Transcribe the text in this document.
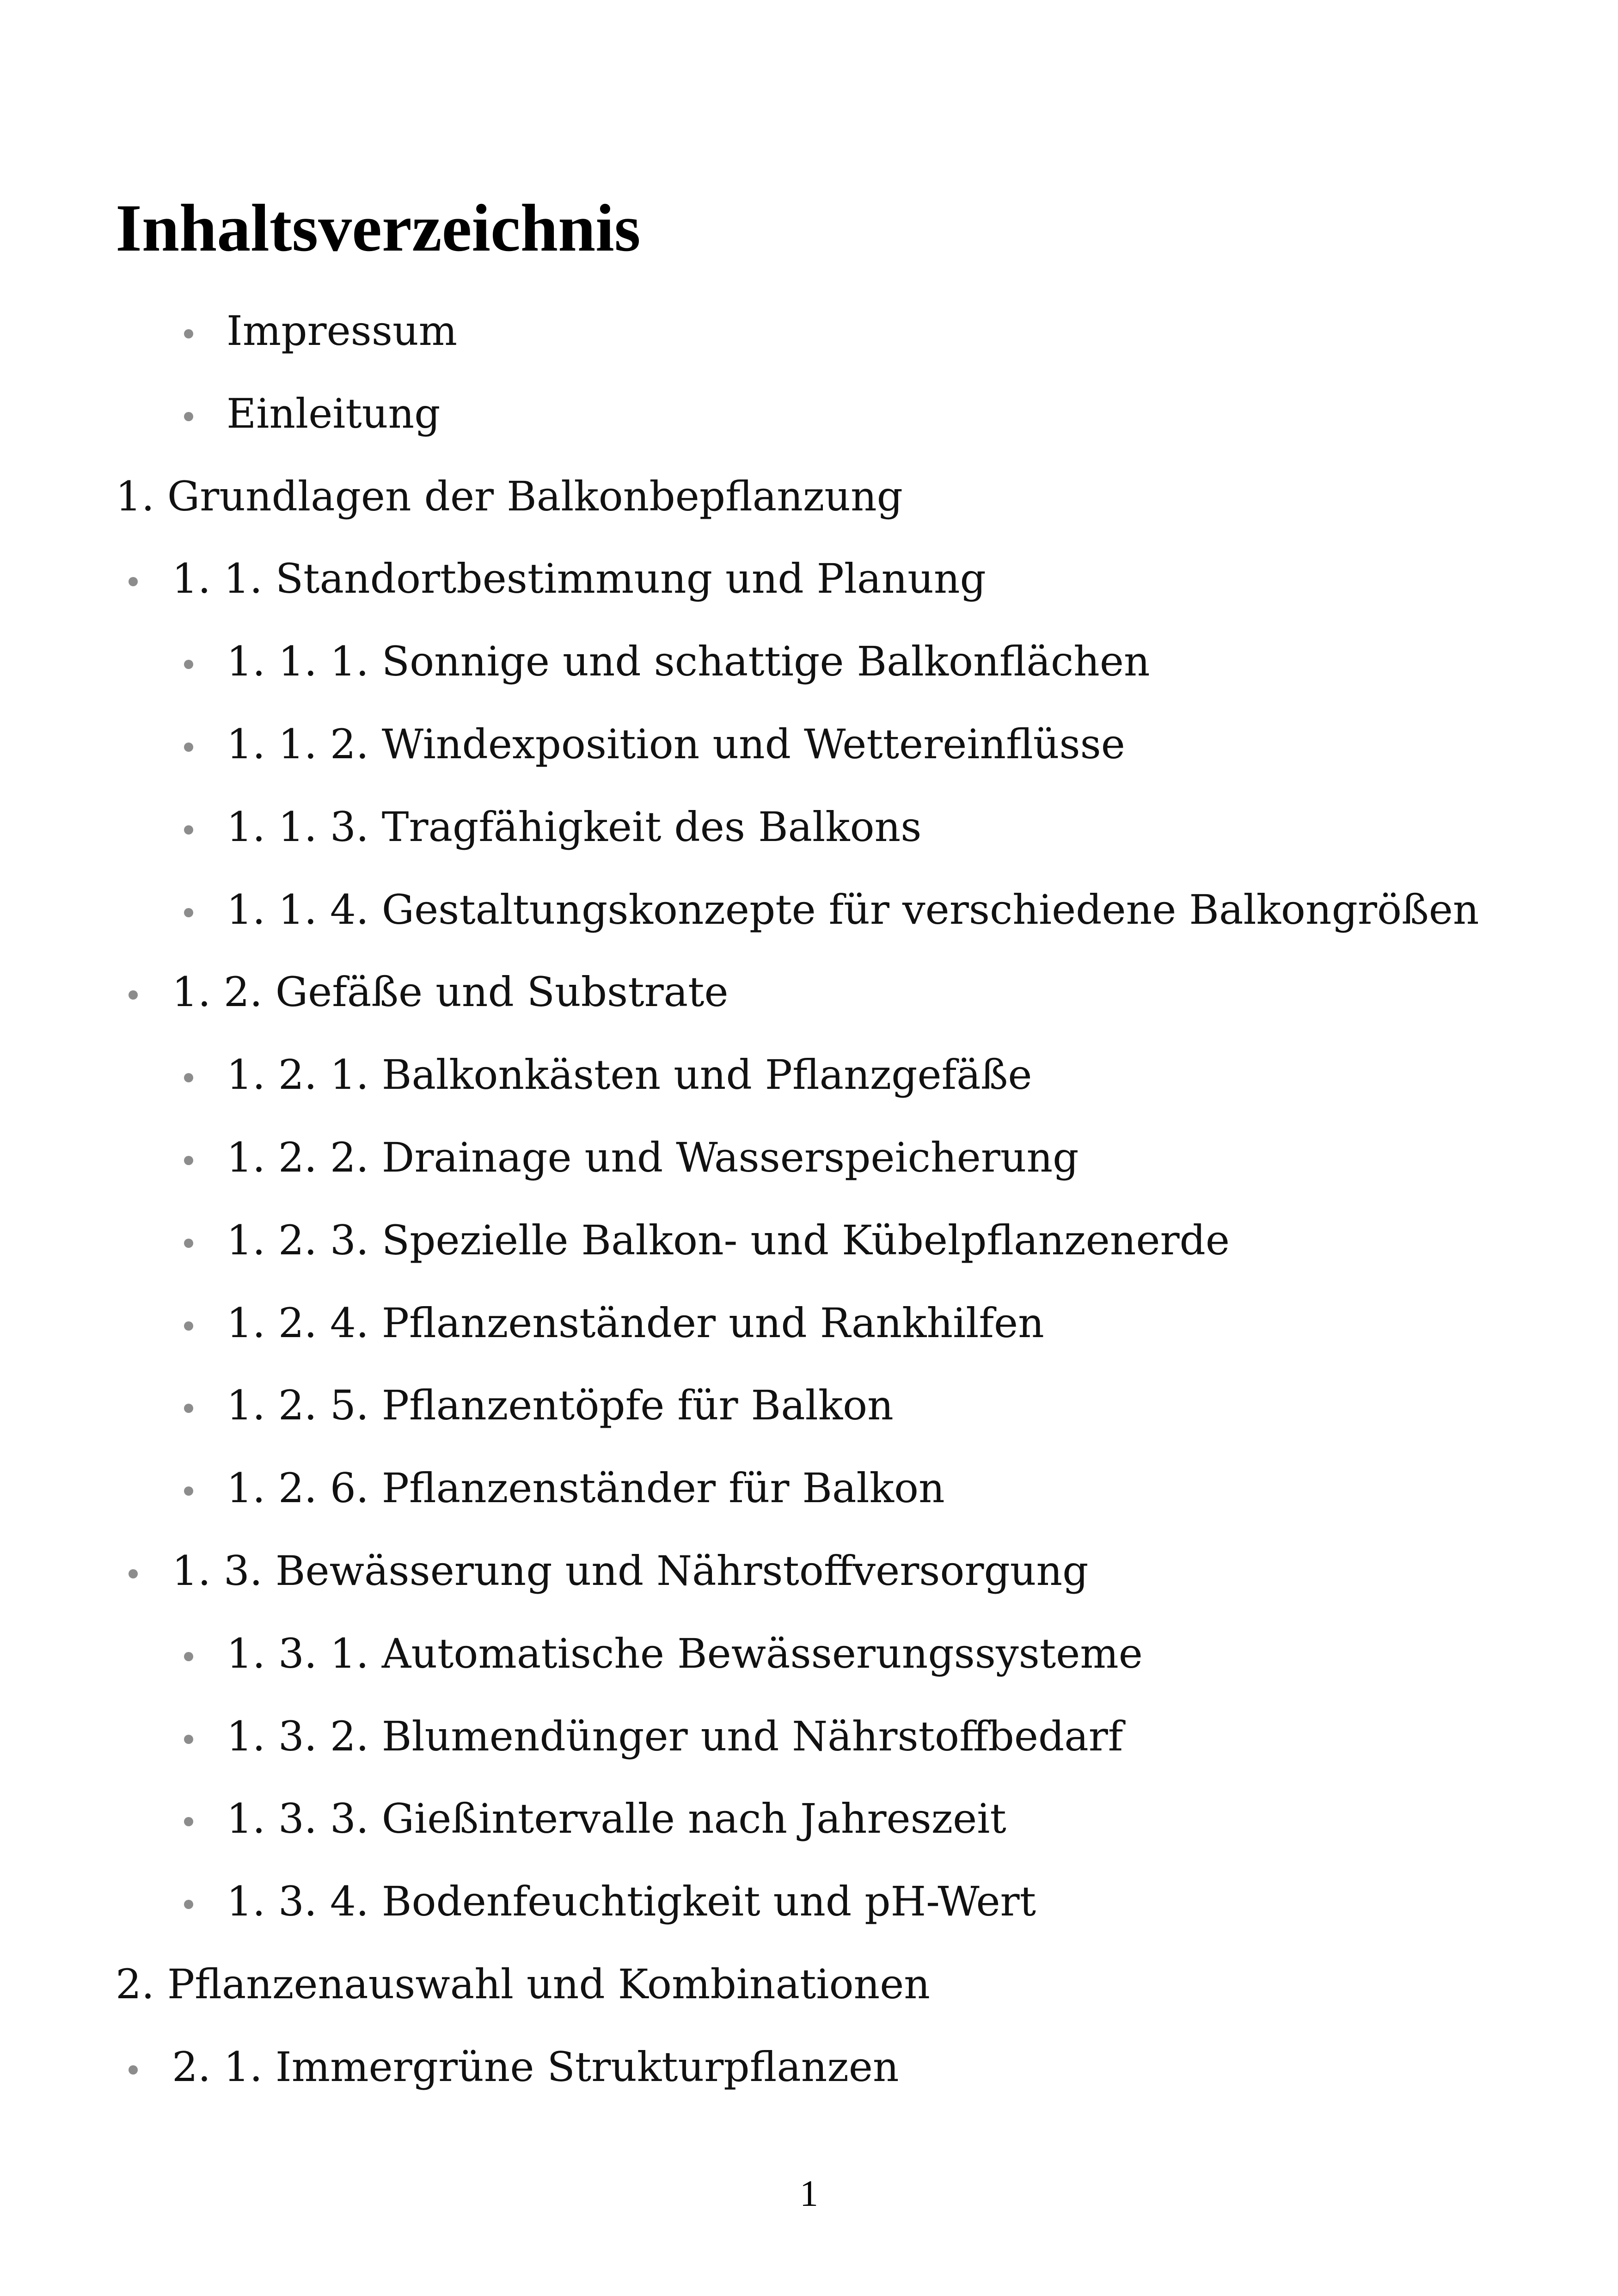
Inhaltsverzeichnis
Impressum
Einleitung
1. Grundlagen der Balkonbepflanzung
1. 1. Standortbestimmung und Planung
1. 1. 1. Sonnige und schattige Balkonflächen
1. 1. 2. Windexposition und Wettereinflüsse
1. 1. 3. Tragfähigkeit des Balkons
1. 1. 4. Gestaltungskonzepte für verschiedene Balkongrößen
1. 2. Gefäße und Substrate
1. 2. 1. Balkonkästen und Pflanzgefäße
1. 2. 2. Drainage und Wasserspeicherung
1. 2. 3. Spezielle Balkon- und Kübelpflanzenerde
1. 2. 4. Pflanzenständer und Rankhilfen
1. 2. 5. Pflanzentöpfe für Balkon
1. 2. 6. Pflanzenständer für Balkon
1. 3. Bewässerung und Nährstoffversorgung
1. 3. 1. Automatische Bewässerungssysteme
1. 3. 2. Blumendünger und Nährstoffbedarf
1. 3. 3. Gießintervalle nach Jahreszeit
1. 3. 4. Bodenfeuchtigkeit und pH-Wert
2. Pflanzenauswahl und Kombinationen
2. 1. Immergrüne Strukturpflanzen
1
